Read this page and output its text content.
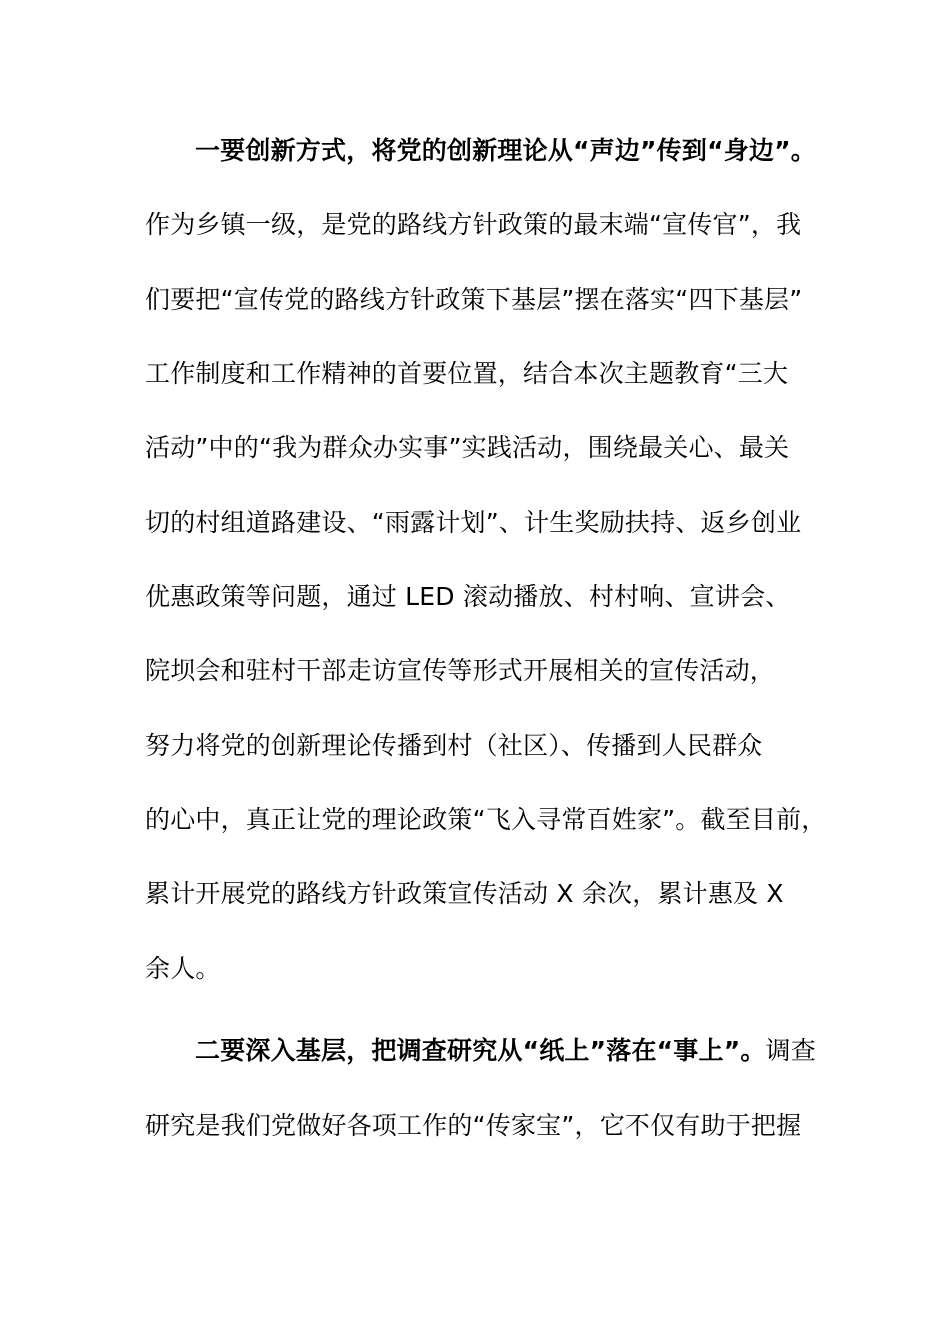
一要创新方式，将党的创新理论从“声边”传到“身边”。
作为乡镇一级，是党的路线方针政策的最末端“宣传官”，我
们要把“宣传党的路线方针政策下基层”摆在落实“四下基层”
工作制度和工作精神的首要位置，结合本次主题教育“三大
活动”中的“我为群众办实事”实践活动，围绕最关心、最关
切的村组道路建设、“雨露计划”、计生奖励扶持、返乡创业
优惠政策等问题，通过 LED 滚动播放、村村响、宣讲会、
院坝会和驻村干部走访宣传等形式开展相关的宣传活动，
努力将党的创新理论传播到村（社区）、传播到人民群众
的心中，真正让党的理论政策“飞入寻常百姓家”。截至目前，
累计开展党的路线方针政策宣传活动 X 余次，累计惠及 X
余人。
二要深入基层，把调查研究从“纸上”落在“事上”。调查
研究是我们党做好各项工作的“传家宝”，它不仅有助于把握
